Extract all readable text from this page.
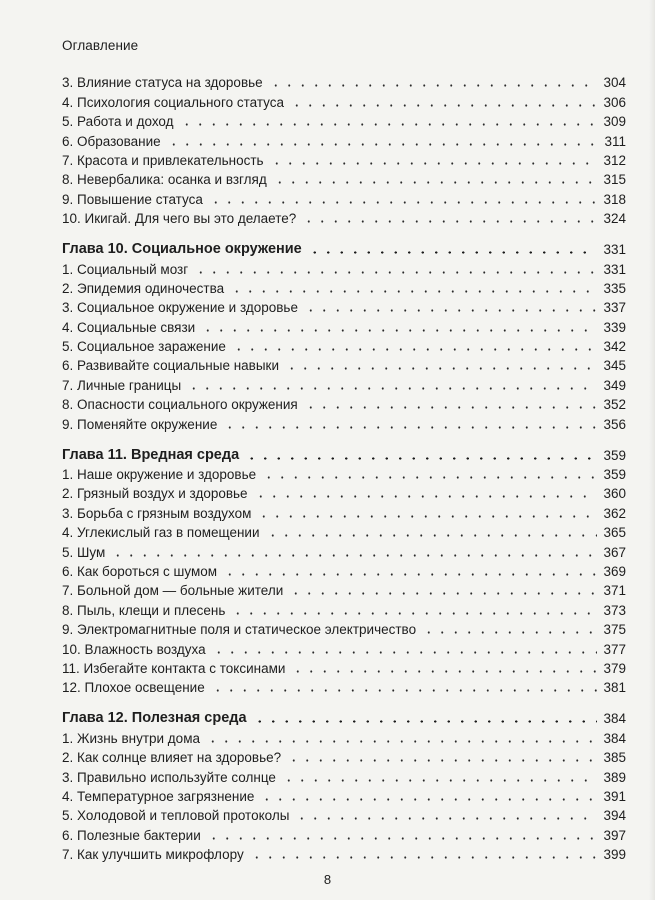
Оглавление
3. Влияние статуса на здоровье	304
4. Психология социального статуса	306
5. Работа и доход	309
6. Образование	311
7. Красота и привлекательность	312
8. Невербалика: осанка и взгляд	315
9. Повышение статуса	318
10. Икигай. Для чего вы это делаете?	324
Глава 10. Социальное окружение	331
1. Социальный мозг	331
2. Эпидемия одиночества	335
3. Социальное окружение и здоровье	337
4. Социальные связи	339
5. Социальное заражение	342
6. Развивайте социальные навыки	345
7. Личные границы	349
8. Опасности социального окружения	352
9. Поменяйте окружение	356
Глава 11. Вредная среда	359
1. Наше окружение и здоровье	359
2. Грязный воздух и здоровье	360
3. Борьба с грязным воздухом	362
4. Углекислый газ в помещении	365
5. Шум	367
6. Как бороться с шумом	369
7. Больной дом — больные жители	371
8. Пыль, клещи и плесень	373
9. Электромагнитные поля и статическое электричество	375
10. Влажность воздуха	377
11. Избегайте контакта с токсинами	379
12. Плохое освещение	381
Глава 12. Полезная среда	384
1. Жизнь внутри дома	384
2. Как солнце влияет на здоровье?	385
3. Правильно используйте солнце	389
4. Температурное загрязнение	391
5. Холодовой и тепловой протоколы	394
6. Полезные бактерии	397
7. Как улучшить микрофлору	399
8
